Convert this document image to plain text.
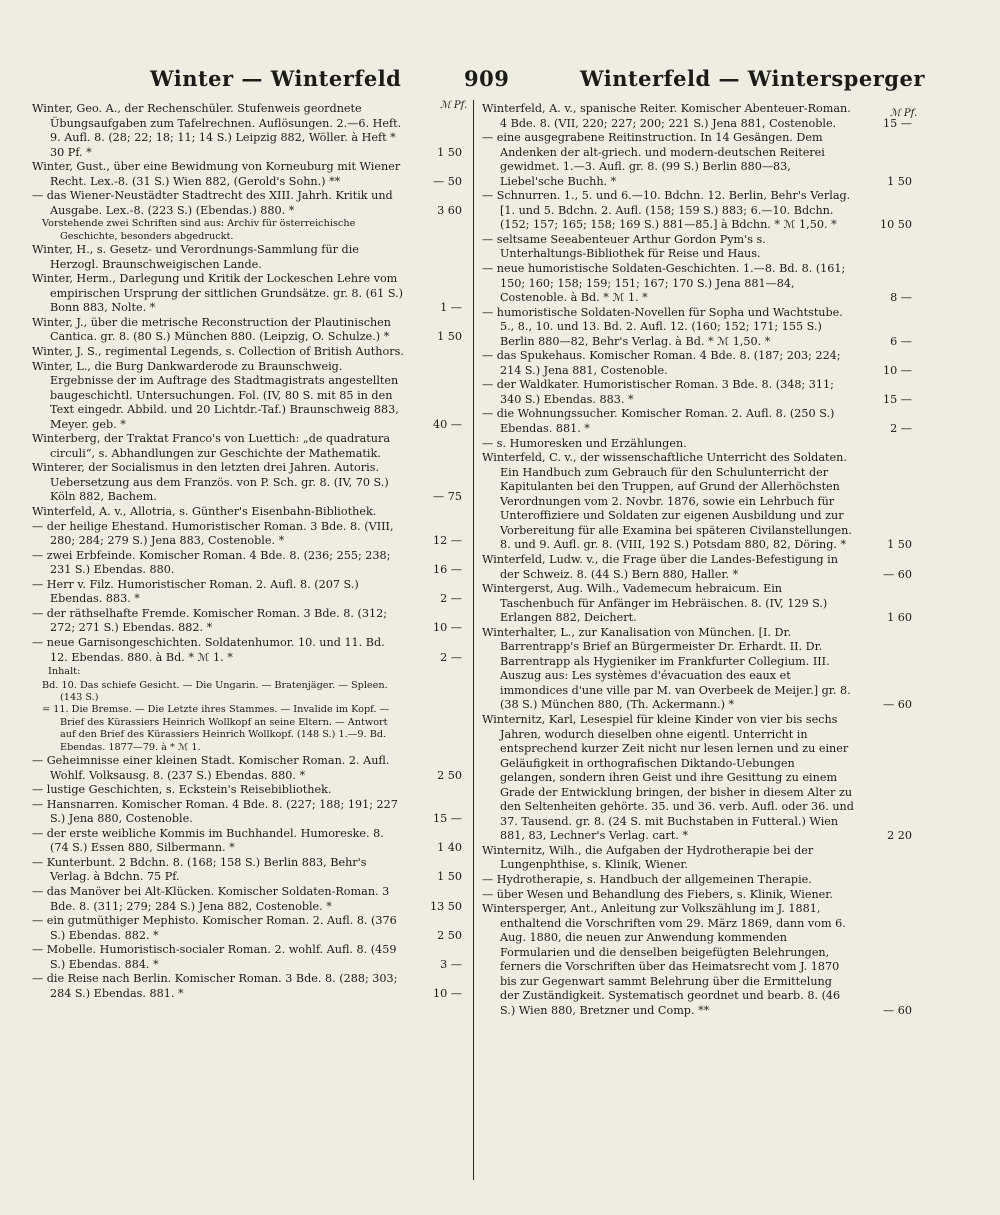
Winter — Winterfeld	909	Winterfeld — Wintersperger
ℳ Pf.
ℳ Pf.

Winter, Geo. A., der Rechenschüler. Stufenweis geordnete Übungsaufgaben zum Tafelrechnen. Auflösungen. 2.—6. Heft. 9. Aufl. 8. (28; 22; 18; 11; 14 S.) Leipzig 882, Wöller. à Heft * 30 Pf. *	1 50

Winter, Gust., über eine Bewidmung von Korneuburg mit Wiener Recht. Lex.-8. (31 S.) Wien 882, (Gerold's Sohn.) **	— 50

— das Wiener-Neustädter Stadtrecht des XIII. Jahrh. Kritik und Ausgabe. Lex.-8. (223 S.) (Ebendas.) 880. *	3 60

Vorstehende zwei Schriften sind aus: Archiv für österreichische Geschichte, besonders abgedruckt.

Winter, H., s. Gesetz- und Verordnungs-Sammlung für die Herzogl. Braunschweigischen Lande.

Winter, Herm., Darlegung und Kritik der Lockeschen Lehre vom empirischen Ursprung der sittlichen Grundsätze. gr. 8. (61 S.) Bonn 883, Nolte. *	1 —

Winter, J., über die metrische Reconstruction der Plautinischen Cantica. gr. 8. (80 S.) München 880. (Leipzig, O. Schulze.) *	1 50

Winter, J. S., regimental Legends, s. Collection of British Authors.

Winter, L., die Burg Dankwarderode zu Braunschweig. Ergebnisse der im Auftrage des Stadtmagistrats angestellten baugeschichtl. Untersuchungen. Fol. (IV, 80 S. mit 85 in den Text eingedr. Abbild. und 20 Lichtdr.-Taf.) Braunschweig 883, Meyer. geb. *	40 —

Winterberg, der Traktat Franco's von Luettich: „de quadratura circuli“, s. Abhandlungen zur Geschichte der Mathematik.

Winterer, der Socialismus in den letzten drei Jahren. Autoris. Uebersetzung aus dem Französ. von P. Sch. gr. 8. (IV, 70 S.) Köln 882, Bachem.	— 75

Winterfeld, A. v., Allotria, s. Günther's Eisenbahn-Bibliothek.

— der heilige Ehestand. Humoristischer Roman. 3 Bde. 8. (VIII, 280; 284; 279 S.) Jena 883, Costenoble. *	12 —

— zwei Erbfeinde. Komischer Roman. 4 Bde. 8. (236; 255; 238; 231 S.) Ebendas. 880.	16 —

— Herr v. Filz. Humoristischer Roman. 2. Aufl. 8. (207 S.) Ebendas. 883. *	2 —

— der räthselhafte Fremde. Komischer Roman. 3 Bde. 8. (312; 272; 271 S.) Ebendas. 882. *	10 —

— neue Garnisongeschichten. Soldatenhumor. 10. und 11. Bd. 12. Ebendas. 880. à Bd. * ℳ 1. *	2 —

Inhalt:

Bd. 10. Das schiefe Gesicht. — Die Ungarin. — Bratenjäger. — Spleen. (143 S.)

= 11. Die Bremse. — Die Letzte ihres Stammes. — Invalide im Kopf. — Brief des Kürassiers Heinrich Wollkopf an seine Eltern. — Antwort auf den Brief des Kürassiers Heinrich Wollkopf. (148 S.) 1.—9. Bd. Ebendas. 1877—79. à * ℳ 1.

— Geheimnisse einer kleinen Stadt. Komischer Roman. 2. Aufl. Wohlf. Volksausg. 8. (237 S.) Ebendas. 880. *	2 50

— lustige Geschichten, s. Eckstein's Reisebibliothek.

— Hansnarren. Komischer Roman. 4 Bde. 8. (227; 188; 191; 227 S.) Jena 880, Costenoble.	15 —

— der erste weibliche Kommis im Buchhandel. Humoreske. 8. (74 S.) Essen 880, Silbermann. *	1 40

— Kunterbunt. 2 Bdchn. 8. (168; 158 S.) Berlin 883, Behr's Verlag. à Bdchn. 75 Pf.	1 50

— das Manöver bei Alt-Klücken. Komischer Soldaten-Roman. 3 Bde. 8. (311; 279; 284 S.) Jena 882, Costenoble. *	13 50

— ein gutmüthiger Mephisto. Komischer Roman. 2. Aufl. 8. (376 S.) Ebendas. 882. *	2 50

— Mobelle. Humoristisch-socialer Roman. 2. wohlf. Aufl. 8. (459 S.) Ebendas. 884. *	3 —

— die Reise nach Berlin. Komischer Roman. 3 Bde. 8. (288; 303; 284 S.) Ebendas. 881. *	10 —

Winterfeld, A. v., spanische Reiter. Komischer Abenteuer-Roman. 4 Bde. 8. (VII, 220; 227; 200; 221 S.) Jena 881, Costenoble.	15 —

— eine ausgegrabene Reitinstruction. In 14 Gesängen. Dem Andenken der alt-griech. und modern-deutschen Reiterei gewidmet. 1.—3. Aufl. gr. 8. (99 S.) Berlin 880—83, Liebel'sche Buchh. *	1 50

— Schnurren. 1., 5. und 6.—10. Bdchn. 12. Berlin, Behr's Verlag. [1. und 5. Bdchn. 2. Aufl. (158; 159 S.) 883; 6.—10. Bdchn. (152; 157; 165; 158; 169 S.) 881—85.] à Bdchn. * ℳ 1,50. *	10 50

— seltsame Seeabenteuer Arthur Gordon Pym's s. Unterhaltungs-Bibliothek für Reise und Haus.

— neue humoristische Soldaten-Geschichten. 1.—8. Bd. 8. (161; 150; 160; 158; 159; 151; 167; 170 S.) Jena 881—84, Costenoble. à Bd. * ℳ 1. *	8 —

— humoristische Soldaten-Novellen für Sopha und Wachtstube. 5., 8., 10. und 13. Bd. 2. Aufl. 12. (160; 152; 171; 155 S.) Berlin 880—82, Behr's Verlag. à Bd. * ℳ 1,50. *	6 —

— das Spukehaus. Komischer Roman. 4 Bde. 8. (187; 203; 224; 214 S.) Jena 881, Costenoble.	10 —

— der Waldkater. Humoristischer Roman. 3 Bde. 8. (348; 311; 340 S.) Ebendas. 883. *	15 —

— die Wohnungssucher. Komischer Roman. 2. Aufl. 8. (250 S.) Ebendas. 881. *	2 —

— s. Humoresken und Erzählungen.

Winterfeld, C. v., der wissenschaftliche Unterricht des Soldaten. Ein Handbuch zum Gebrauch für den Schulunterricht der Kapitulanten bei den Truppen, auf Grund der Allerhöchsten Verordnungen vom 2. Novbr. 1876, sowie ein Lehrbuch für Unteroffiziere und Soldaten zur eigenen Ausbildung und zur Vorbereitung für alle Examina bei späteren Civilanstellungen. 8. und 9. Aufl. gr. 8. (VIII, 192 S.) Potsdam 880, 82, Döring. *	1 50

Winterfeld, Ludw. v., die Frage über die Landes-Befestigung in der Schweiz. 8. (44 S.) Bern 880, Haller. *	— 60

Wintergerst, Aug. Wilh., Vademecum hebraicum. Ein Taschenbuch für Anfänger im Hebräischen. 8. (IV, 129 S.) Erlangen 882, Deichert.	1 60

Winterhalter, L., zur Kanalisation von München. [I. Dr. Barrentrapp's Brief an Bürgermeister Dr. Erhardt. II. Dr. Barrentrapp als Hygieniker im Frankfurter Collegium. III. Auszug aus: Les systèmes d'évacuation des eaux et immondices d'une ville par M. van Overbeek de Meijer.] gr. 8. (38 S.) München 880, (Th. Ackermann.) *	— 60

Winternitz, Karl, Lesespiel für kleine Kinder von vier bis sechs Jahren, wodurch dieselben ohne eigentl. Unterricht in entsprechend kurzer Zeit nicht nur lesen lernen und zu einer Geläufigkeit in orthografischen Diktando-Uebungen gelangen, sondern ihren Geist und ihre Gesittung zu einem Grade der Entwicklung bringen, der bisher in diesem Alter zu den Seltenheiten gehörte. 35. und 36. verb. Aufl. oder 36. und 37. Tausend. gr. 8. (24 S. mit Buchstaben in Futteral.) Wien 881, 83, Lechner's Verlag. cart. *	2 20

Winternitz, Wilh., die Aufgaben der Hydrotherapie bei der Lungenphthise, s. Klinik, Wiener.

— Hydrotherapie, s. Handbuch der allgemeinen Therapie.

— über Wesen und Behandlung des Fiebers, s. Klinik, Wiener.

Wintersperger, Ant., Anleitung zur Volkszählung im J. 1881, enthaltend die Vorschriften vom 29. März 1869, dann vom 6. Aug. 1880, die neuen zur Anwendung kommenden Formularien und die denselben beigefügten Belehrungen, ferners die Vorschriften über das Heimatsrecht vom J. 1870 bis zur Gegenwart sammt Belehrung über die Ermittelung der Zuständigkeit. Systematisch geordnet und bearb. 8. (46 S.) Wien 880, Bretzner und Comp. **	— 60
